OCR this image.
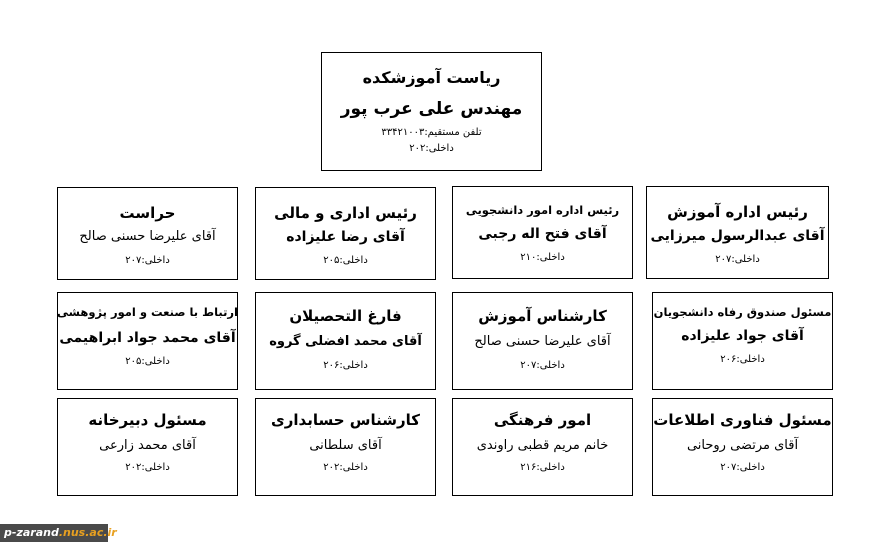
ریاست آموزشکده
مهندس علی عرب پور
تلفن مستقیم:۳۳۴۲۱۰۰۳
داخلی:۲۰۲
رئیس اداره آموزش
آقای عبدالرسول میرزایی
داخلی:۲۰۷
رئیس اداره امور دانشجویی
آقای فتح اله رجبی
داخلی:۲۱۰
رئیس اداری و مالی
آقای رضا علیزاده
داخلی:۲۰۵
حراست
آقای علیرضا حسنی صالح
داخلی:۲۰۷
مسئول صندوق رفاه دانشجویان
آقای جواد علیزاده
داخلی:۲۰۶
کارشناس آموزش
آقای علیرضا حسنی صالح
داخلی:۲۰۷
فارغ التحصیلان
آقای محمد افضلی گروه
داخلی:۲۰۶
ارتباط با صنعت و امور پژوهشی
آقای محمد جواد ابراهیمی
داخلی:۲۰۵
مسئول فناوری اطلاعات
آقای مرتضی روحانی
داخلی:۲۰۷
امور فرهنگی
خانم مریم قطبی راوندی
داخلی:۲۱۶
کارشناس حسابداری
آقای سلطانی
داخلی:۲۰۲
مسئول دبیرخانه
آقای محمد زارعی
داخلی:۲۰۲
p-zarand.nus.ac.ir
